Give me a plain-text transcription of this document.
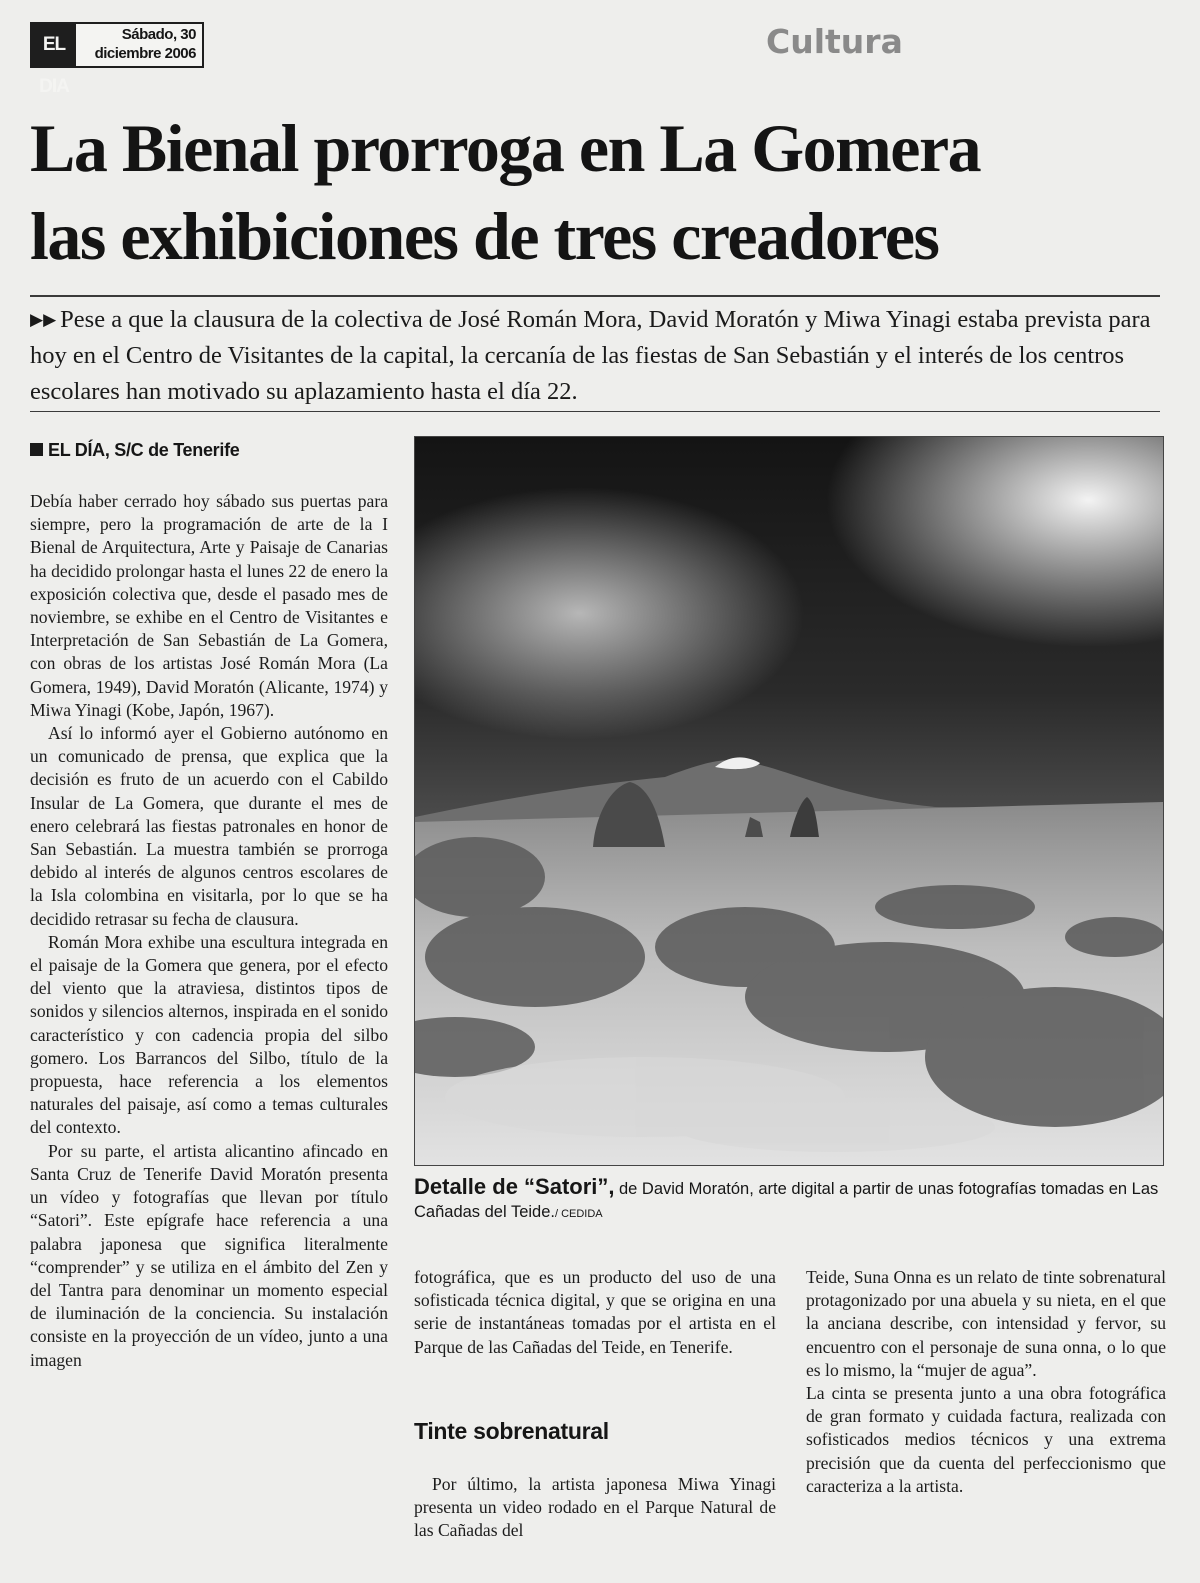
EL DIA
Sábado, 30
diciembre 2006	Cultura
La Bienal prorroga en La Gomera
las exhibiciones de tres creadores

▶▶ Pese a que la clausura de la colectiva de José Román Mora, David Moratón y Miwa Yinagi estaba prevista para hoy en el Centro de Visitantes de la capital, la cercanía de las fiestas de San Sebastián y el interés de los centros escolares han motivado su aplazamiento hasta el día 22.

EL DÍA, S/C de Tenerife

Debía haber cerrado hoy sábado sus puertas para siempre, pero la programación de arte de la I Bienal de Arquitectura, Arte y Paisaje de Canarias ha decidido prolongar hasta el lunes 22 de enero la exposición colectiva que, desde el pasado mes de noviembre, se exhibe en el Centro de Visitantes e Interpretación de San Sebastián de La Gomera, con obras de los artistas José Román Mora (La Gomera, 1949), David Moratón (Alicante, 1974) y Miwa Yinagi (Kobe, Japón, 1967).

Así lo informó ayer el Gobierno autónomo en un comunicado de prensa, que explica que la decisión es fruto de un acuerdo con el Cabildo Insular de La Gomera, que durante el mes de enero celebrará las fiestas patronales en honor de San Sebastián. La muestra también se prorroga debido al interés de algunos centros escolares de la Isla colombina en visitarla, por lo que se ha decidido retrasar su fecha de clausura.

Román Mora exhibe una escultura integrada en el paisaje de la Gomera que genera, por el efecto del viento que la atraviesa, distintos tipos de sonidos y silencios alternos, inspirada en el sonido característico y con cadencia propia del silbo gomero. Los Barrancos del Silbo, título de la propuesta, hace referencia a los elementos naturales del paisaje, así como a temas culturales del contexto.

Por su parte, el artista alicantino afincado en Santa Cruz de Tenerife David Moratón presenta un vídeo y fotografías que llevan por título “Satori”. Este epígrafe hace referencia a una palabra japonesa que significa literalmente “comprender” y se utiliza en el ámbito del Zen y del Tantra para denominar un momento especial de iluminación de la conciencia. Su instalación consiste en la proyección de un vídeo, junto a una imagen

Detalle de “Satori”, de David Moratón, arte digital a partir de unas fotografías tomadas en Las Cañadas del Teide./ CEDIDA

fotográfica, que es un producto del uso de una sofisticada técnica digital, y que se origina en una serie de instantáneas tomadas por el artista en el Parque de las Cañadas del Teide, en Tenerife.

Tinte sobrenatural

Por último, la artista japonesa Miwa Yinagi presenta un video rodado en el Parque Natural de las Cañadas del

Teide, Suna Onna es un relato de tinte sobrenatural protagonizado por una abuela y su nieta, en el que la anciana describe, con intensidad y fervor, su encuentro con el personaje de suna onna, o lo que es lo mismo, la “mujer de agua”.

La cinta se presenta junto a una obra fotográfica de gran formato y cuidada factura, realizada con sofisticados medios técnicos y una extrema precisión que da cuenta del perfeccionismo que caracteriza a la artista.
